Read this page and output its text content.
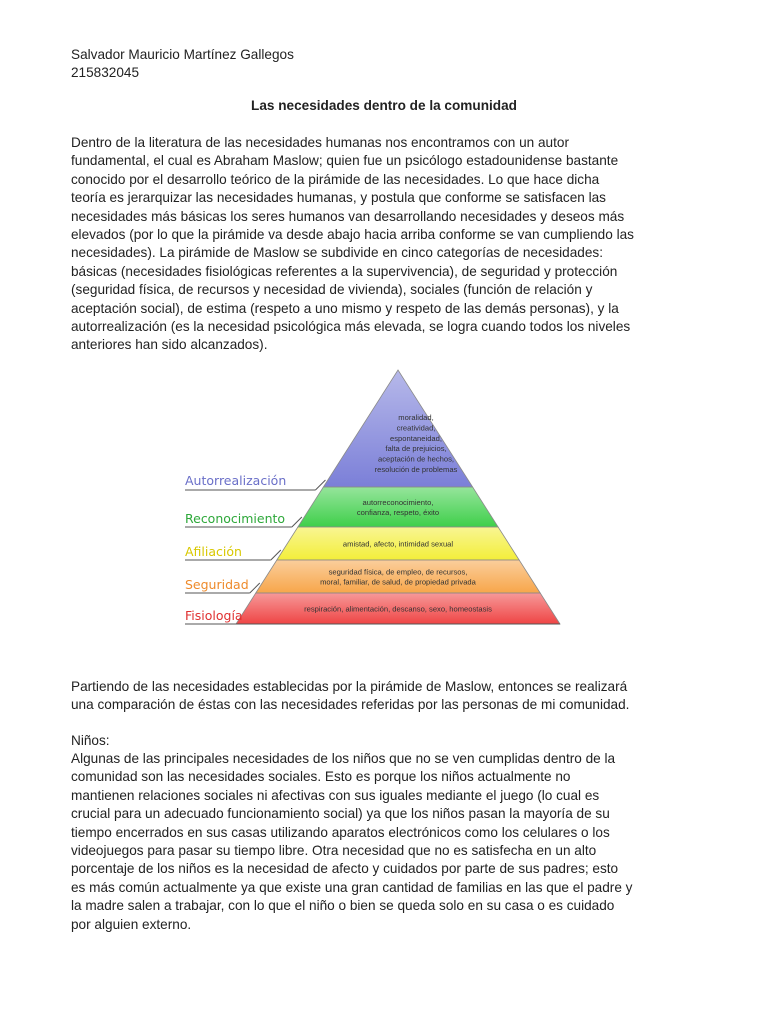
Salvador Mauricio Martínez Gallegos
215832045
Las necesidades dentro de la comunidad
Dentro de la literatura de las necesidades humanas nos encontramos con un autor
fundamental, el cual es Abraham Maslow; quien fue un psicólogo estadounidense bastante
conocido por el desarrollo teórico de la pirámide de las necesidades. Lo que hace dicha
teoría es jerarquizar las necesidades humanas, y postula que conforme se satisfacen las
necesidades más básicas los seres humanos van desarrollando necesidades y deseos más
elevados (por lo que la pirámide va desde abajo hacia arriba conforme se van cumpliendo las
necesidades). La pirámide de Maslow se subdivide en cinco categorías de necesidades:
básicas (necesidades fisiológicas referentes a la supervivencia), de seguridad y protección
(seguridad física, de recursos y necesidad de vivienda), sociales (función de relación y
aceptación social), de estima (respeto a uno mismo y respeto de las demás personas), y la
autorrealización (es la necesidad psicológica más elevada, se logra cuando todos los niveles
anteriores han sido alcanzados).
moralidad,
creatividad,
espontaneidad,
falta de prejuicios,
aceptación de hechos,
resolución de problemas
Autorrealización
autorreconocimiento,
confianza, respeto, éxito
Reconocimiento
amistad, afecto, intimidad sexual
Afiliación
seguridad física, de empleo, de recursos,
moral, familiar, de salud, de propiedad privada
Seguridad
respiración, alimentación, descanso, sexo, homeostasis
Fisiología
Partiendo de las necesidades establecidas por la pirámide de Maslow, entonces se realizará
una comparación de éstas con las necesidades referidas por las personas de mi comunidad.
Niños:
Algunas de las principales necesidades de los niños que no se ven cumplidas dentro de la
comunidad son las necesidades sociales. Esto es porque los niños actualmente no
mantienen relaciones sociales ni afectivas con sus iguales mediante el juego (lo cual es
crucial para un adecuado funcionamiento social) ya que los niños pasan la mayoría de su
tiempo encerrados en sus casas utilizando aparatos electrónicos como los celulares o los
videojuegos para pasar su tiempo libre. Otra necesidad que no es satisfecha en un alto
porcentaje de los niños es la necesidad de afecto y cuidados por parte de sus padres; esto
es más común actualmente ya que existe una gran cantidad de familias en las que el padre y
la madre salen a trabajar, con lo que el niño o bien se queda solo en su casa o es cuidado
por alguien externo.
